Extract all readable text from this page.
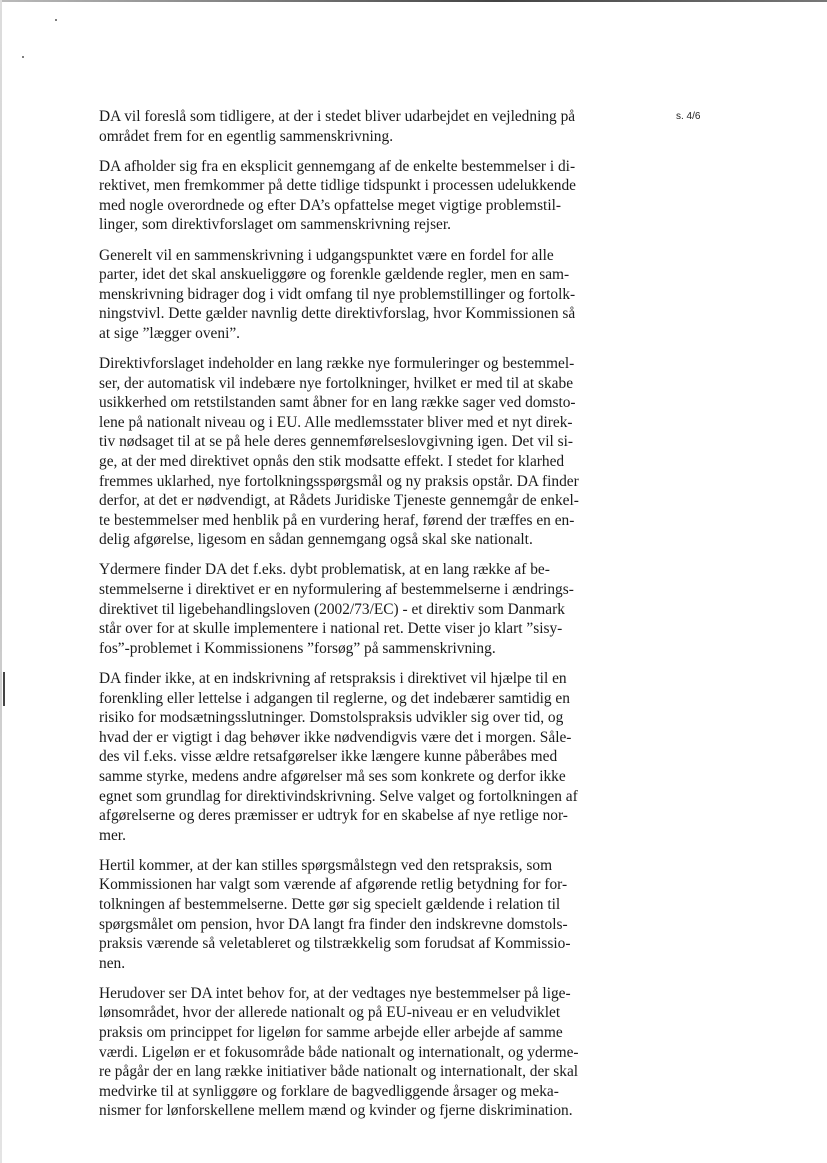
s. 4/6

DA vil foreslå som tidligere, at der i stedet bliver udarbejdet en vejledning på
området frem for en egentlig sammenskrivning.

DA afholder sig fra en eksplicit gennemgang af de enkelte bestemmelser i di-
rektivet, men fremkommer på dette tidlige tidspunkt i processen udelukkende
med nogle overordnede og efter DA’s opfattelse meget vigtige problemstil-
linger, som direktivforslaget om sammenskrivning rejser.

Generelt vil en sammenskrivning i udgangspunktet være en fordel for alle
parter, idet det skal anskueliggøre og forenkle gældende regler, men en sam-
menskrivning bidrager dog i vidt omfang til nye problemstillinger og fortolk-
ningstvivl. Dette gælder navnlig dette direktivforslag, hvor Kommissionen så
at sige ”lægger oveni”.

Direktivforslaget indeholder en lang række nye formuleringer og bestemmel-
ser, der automatisk vil indebære nye fortolkninger, hvilket er med til at skabe
usikkerhed om retstilstanden samt åbner for en lang række sager ved domsto-
lene på nationalt niveau og i EU. Alle medlemsstater bliver med et nyt direk-
tiv nødsaget til at se på hele deres gennemførelseslovgivning igen. Det vil si-
ge, at der med direktivet opnås den stik modsatte effekt. I stedet for klarhed
fremmes uklarhed, nye fortolkningsspørgsmål og ny praksis opstår. DA finder
derfor, at det er nødvendigt, at Rådets Juridiske Tjeneste gennemgår de enkel-
te bestemmelser med henblik på en vurdering heraf, førend der træffes en en-
delig afgørelse, ligesom en sådan gennemgang også skal ske nationalt.

Ydermere finder DA det f.eks. dybt problematisk, at en lang række af be-
stemmelserne i direktivet er en nyformulering af bestemmelserne i ændrings-
direktivet til ligebehandlingsloven (2002/73/EC) - et direktiv som Danmark
står over for at skulle implementere i national ret. Dette viser jo klart ”sisy-
fos”-problemet i Kommissionens ”forsøg” på sammenskrivning.

DA finder ikke, at en indskrivning af retspraksis i direktivet vil hjælpe til en
forenkling eller lettelse i adgangen til reglerne, og det indebærer samtidig en
risiko for modsætningsslutninger. Domstolspraksis udvikler sig over tid, og
hvad der er vigtigt i dag behøver ikke nødvendigvis være det i morgen. Såle-
des vil f.eks. visse ældre retsafgørelser ikke længere kunne påberåbes med
samme styrke, medens andre afgørelser må ses som konkrete og derfor ikke
egnet som grundlag for direktivindskrivning. Selve valget og fortolkningen af
afgørelserne og deres præmisser er udtryk for en skabelse af nye retlige nor-
mer.

Hertil kommer, at der kan stilles spørgsmålstegn ved den retspraksis, som
Kommissionen har valgt som værende af afgørende retlig betydning for for-
tolkningen af bestemmelserne. Dette gør sig specielt gældende i relation til
spørgsmålet om pension, hvor DA langt fra finder den indskrevne domstols-
praksis værende så veletableret og tilstrækkelig som forudsat af Kommissio-
nen.

Herudover ser DA intet behov for, at der vedtages nye bestemmelser på lige-
lønsområdet, hvor der allerede nationalt og på EU-niveau er en veludviklet
praksis om princippet for ligeløn for samme arbejde eller arbejde af samme
værdi. Ligeløn er et fokusområde både nationalt og internationalt, og yderme-
re pågår der en lang række initiativer både nationalt og internationalt, der skal
medvirke til at synliggøre og forklare de bagvedliggende årsager og meka-
nismer for lønforskellene mellem mænd og kvinder og fjerne diskrimination.
